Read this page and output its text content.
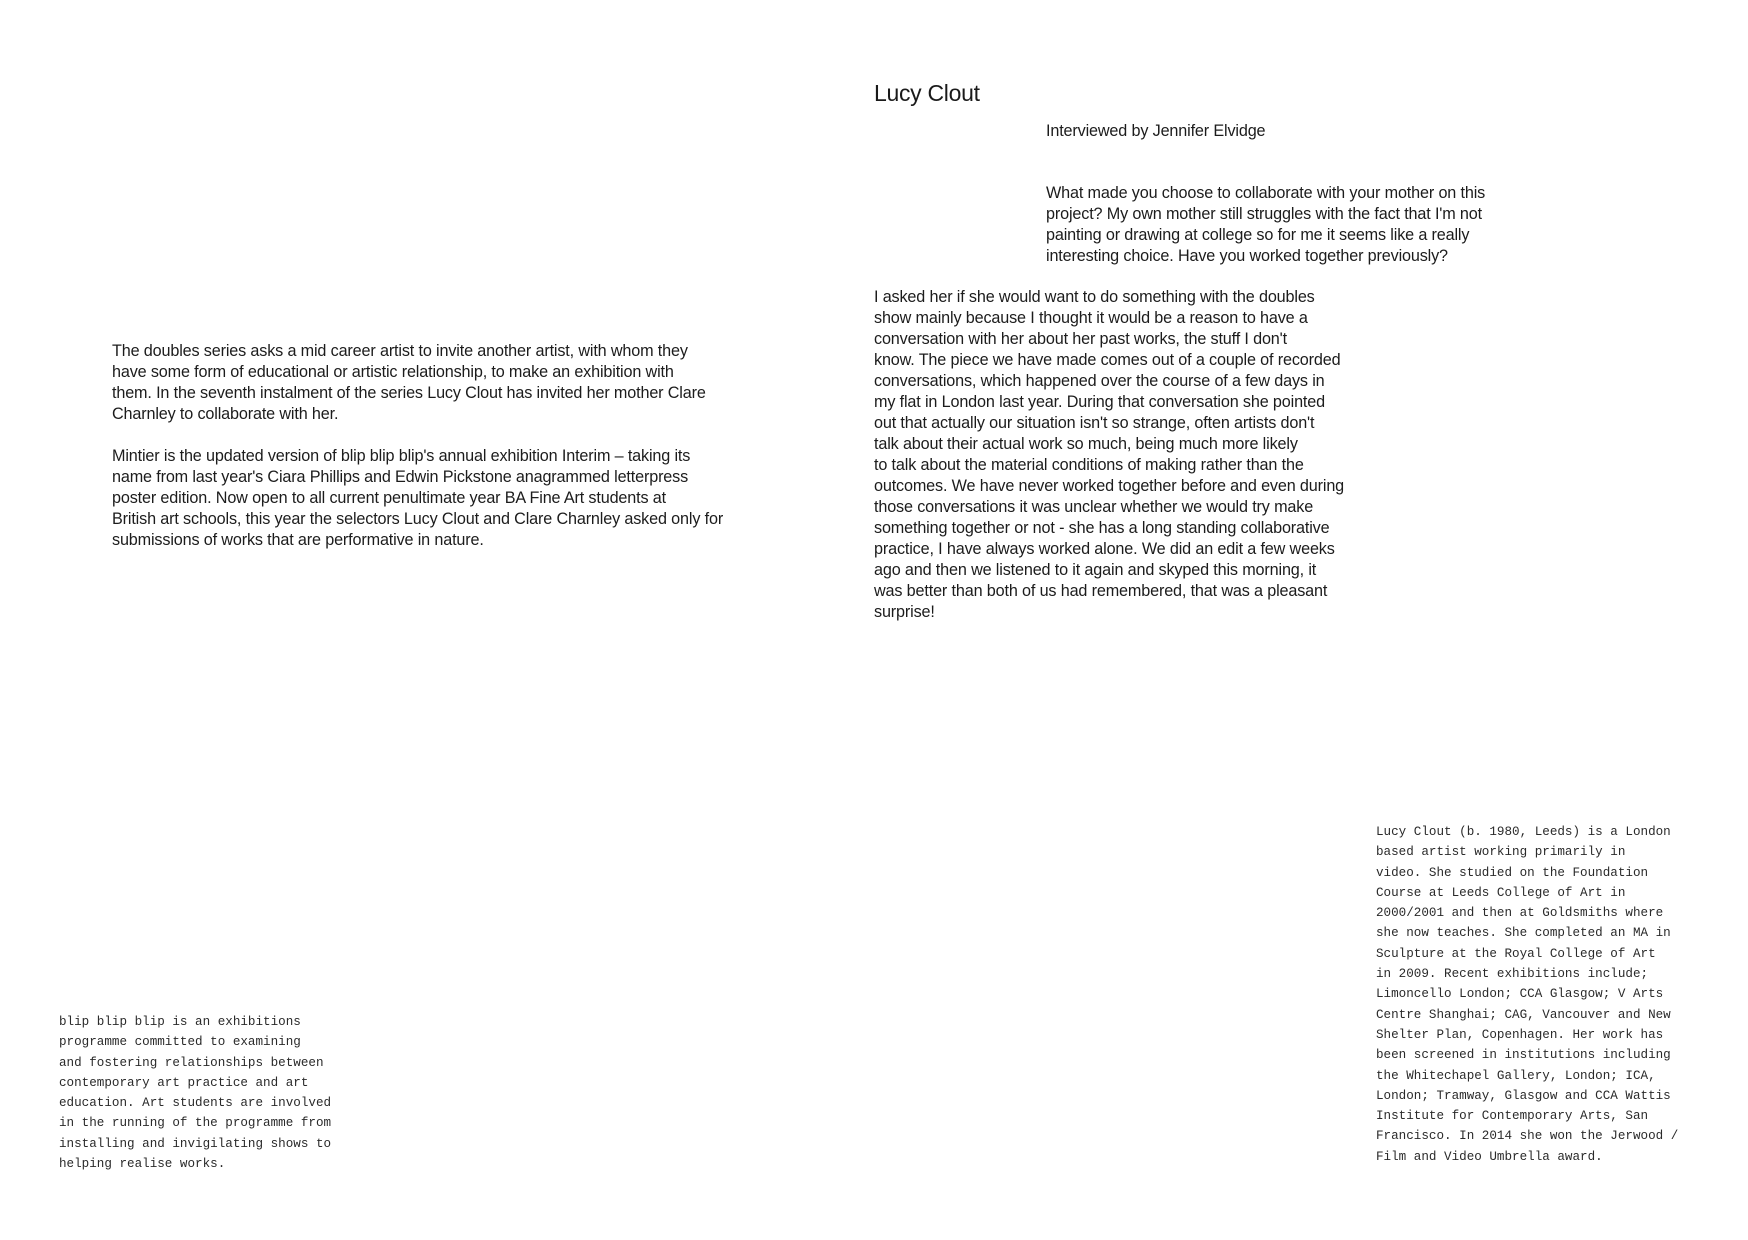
The doubles series asks a mid career artist to invite another artist, with whom they
have some form of educational or artistic relationship, to make an exhibition with
them. In the seventh instalment of the series Lucy Clout has invited her mother Clare
Charnley to collaborate with her.

Mintier is the updated version of blip blip blip's annual exhibition Interim – taking its
name from last year's Ciara Phillips and Edwin Pickstone anagrammed letterpress
poster edition. Now open to all current penultimate year BA Fine Art students at
British art schools, this year the selectors Lucy Clout and Clare Charnley asked only for
submissions of works that are performative in nature.

blip blip blip is an exhibitions
programme committed to examining
and fostering relationships between
contemporary art practice and art
education. Art students are involved
in the running of the programme from
installing and invigilating shows to
helping realise works.
Lucy Clout

Interviewed by Jennifer Elvidge

What made you choose to collaborate with your mother on this
project? My own mother still struggles with the fact that I'm not
painting or drawing at college so for me it seems like a really
interesting choice. Have you worked together previously?

I asked her if she would want to do something with the doubles
show mainly because I thought it would be a reason to have a
conversation with her about her past works, the stuff I don't
know. The piece we have made comes out of a couple of recorded
conversations, which happened over the course of a few days in
my flat in London last year. During that conversation she pointed
out that actually our situation isn't so strange, often artists don't
talk about their actual work so much, being much more likely
to talk about the material conditions of making rather than the
outcomes. We have never worked together before and even during
those conversations it was unclear whether we would try make
something together or not - she has a long standing collaborative
practice, I have always worked alone. We did an edit a few weeks
ago and then we listened to it again and skyped this morning, it
was better than both of us had remembered, that was a pleasant
surprise!

Lucy Clout (b. 1980, Leeds) is a London
based artist working primarily in
video. She studied on the Foundation
Course at Leeds College of Art in
2000/2001 and then at Goldsmiths where
she now teaches. She completed an MA in
Sculpture at the Royal College of Art
in 2009. Recent exhibitions include;
Limoncello London; CCA Glasgow; V Arts
Centre Shanghai; CAG, Vancouver and New
Shelter Plan, Copenhagen. Her work has
been screened in institutions including
the Whitechapel Gallery, London; ICA,
London; Tramway, Glasgow and CCA Wattis
Institute for Contemporary Arts, San
Francisco. In 2014 she won the Jerwood /
Film and Video Umbrella award.
